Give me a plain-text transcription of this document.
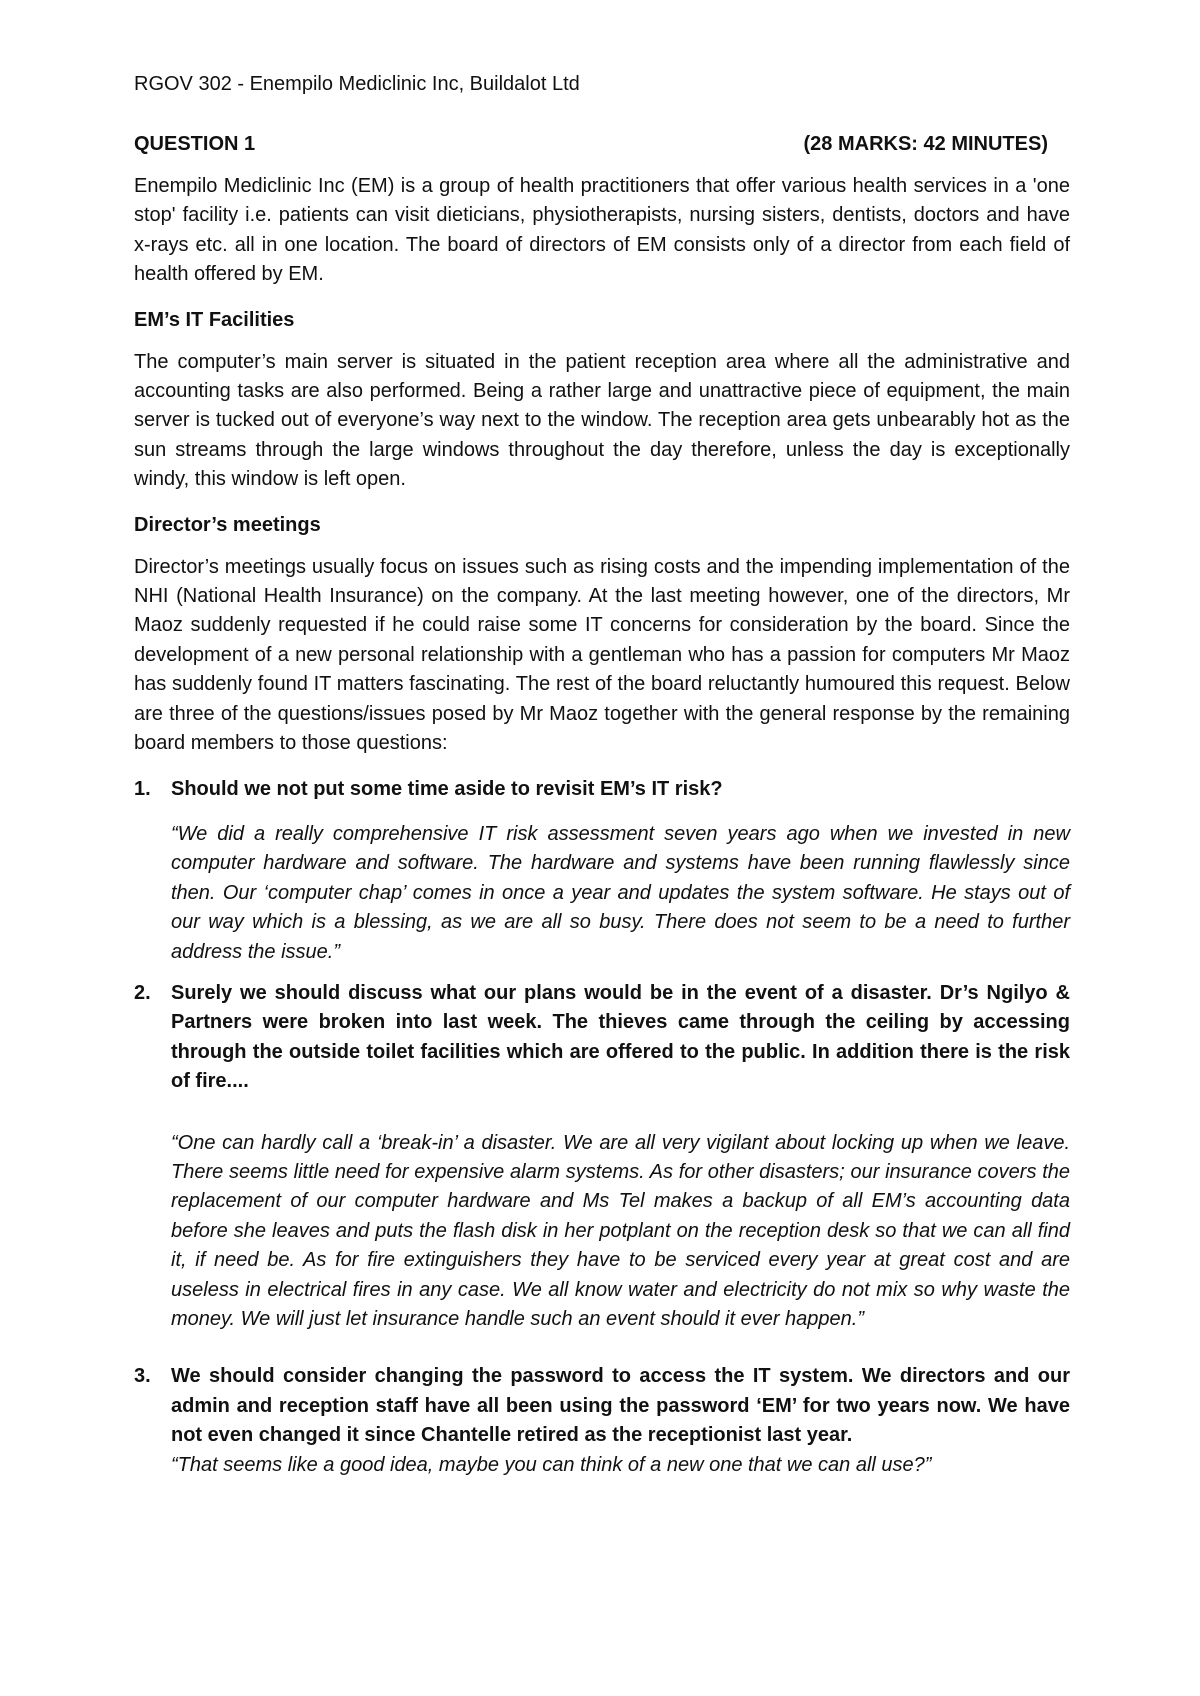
RGOV 302 - Enempilo Mediclinic Inc, Buildalot Ltd

QUESTION 1	(28 MARKS: 42 MINUTES)

Enempilo Mediclinic Inc (EM) is a group of health practitioners that offer various health services in a 'one stop' facility i.e. patients can visit dieticians, physiotherapists, nursing sisters, dentists, doctors and have x-rays etc. all in one location. The board of directors of EM consists only of a director from each field of health offered by EM.

EM’s IT Facilities

The computer’s main server is situated in the patient reception area where all the administrative and accounting tasks are also performed. Being a rather large and unattractive piece of equipment, the main server is tucked out of everyone’s way next to the window. The reception area gets unbearably hot as the sun streams through the large windows throughout the day therefore, unless the day is exceptionally windy, this window is left open.

Director’s meetings

Director’s meetings usually focus on issues such as rising costs and the impending implementation of the NHI (National Health Insurance) on the company. At the last meeting however, one of the directors, Mr Maoz suddenly requested if he could raise some IT concerns for consideration by the board. Since the development of a new personal relationship with a gentleman who has a passion for computers Mr Maoz has suddenly found IT matters fascinating. The rest of the board reluctantly humoured this request. Below are three of the questions/issues posed by Mr Maoz together with the general response by the remaining board members to those questions:

1. Should we not put some time aside to revisit EM’s IT risk?

“We did a really comprehensive IT risk assessment seven years ago when we invested in new computer hardware and software. The hardware and systems have been running flawlessly since then. Our ‘computer chap’ comes in once a year and updates the system software. He stays out of our way which is a blessing, as we are all so busy. There does not seem to be a need to further address the issue.”

2. Surely we should discuss what our plans would be in the event of a disaster. Dr’s Ngilyo & Partners were broken into last week. The thieves came through the ceiling by accessing through the outside toilet facilities which are offered to the public. In addition there is the risk of fire....

“One can hardly call a ‘break-in’ a disaster. We are all very vigilant about locking up when we leave. There seems little need for expensive alarm systems. As for other disasters; our insurance covers the replacement of our computer hardware and Ms Tel makes a backup of all EM’s accounting data before she leaves and puts the flash disk in her potplant on the reception desk so that we can all find it, if need be. As for fire extinguishers they have to be serviced every year at great cost and are useless in electrical fires in any case. We all know water and electricity do not mix so why waste the money. We will just let insurance handle such an event should it ever happen.”

3. We should consider changing the password to access the IT system. We directors and our admin and reception staff have all been using the password ‘EM’ for two years now. We have not even changed it since Chantelle retired as the receptionist last year.

“That seems like a good idea, maybe you can think of a new one that we can all use?”
